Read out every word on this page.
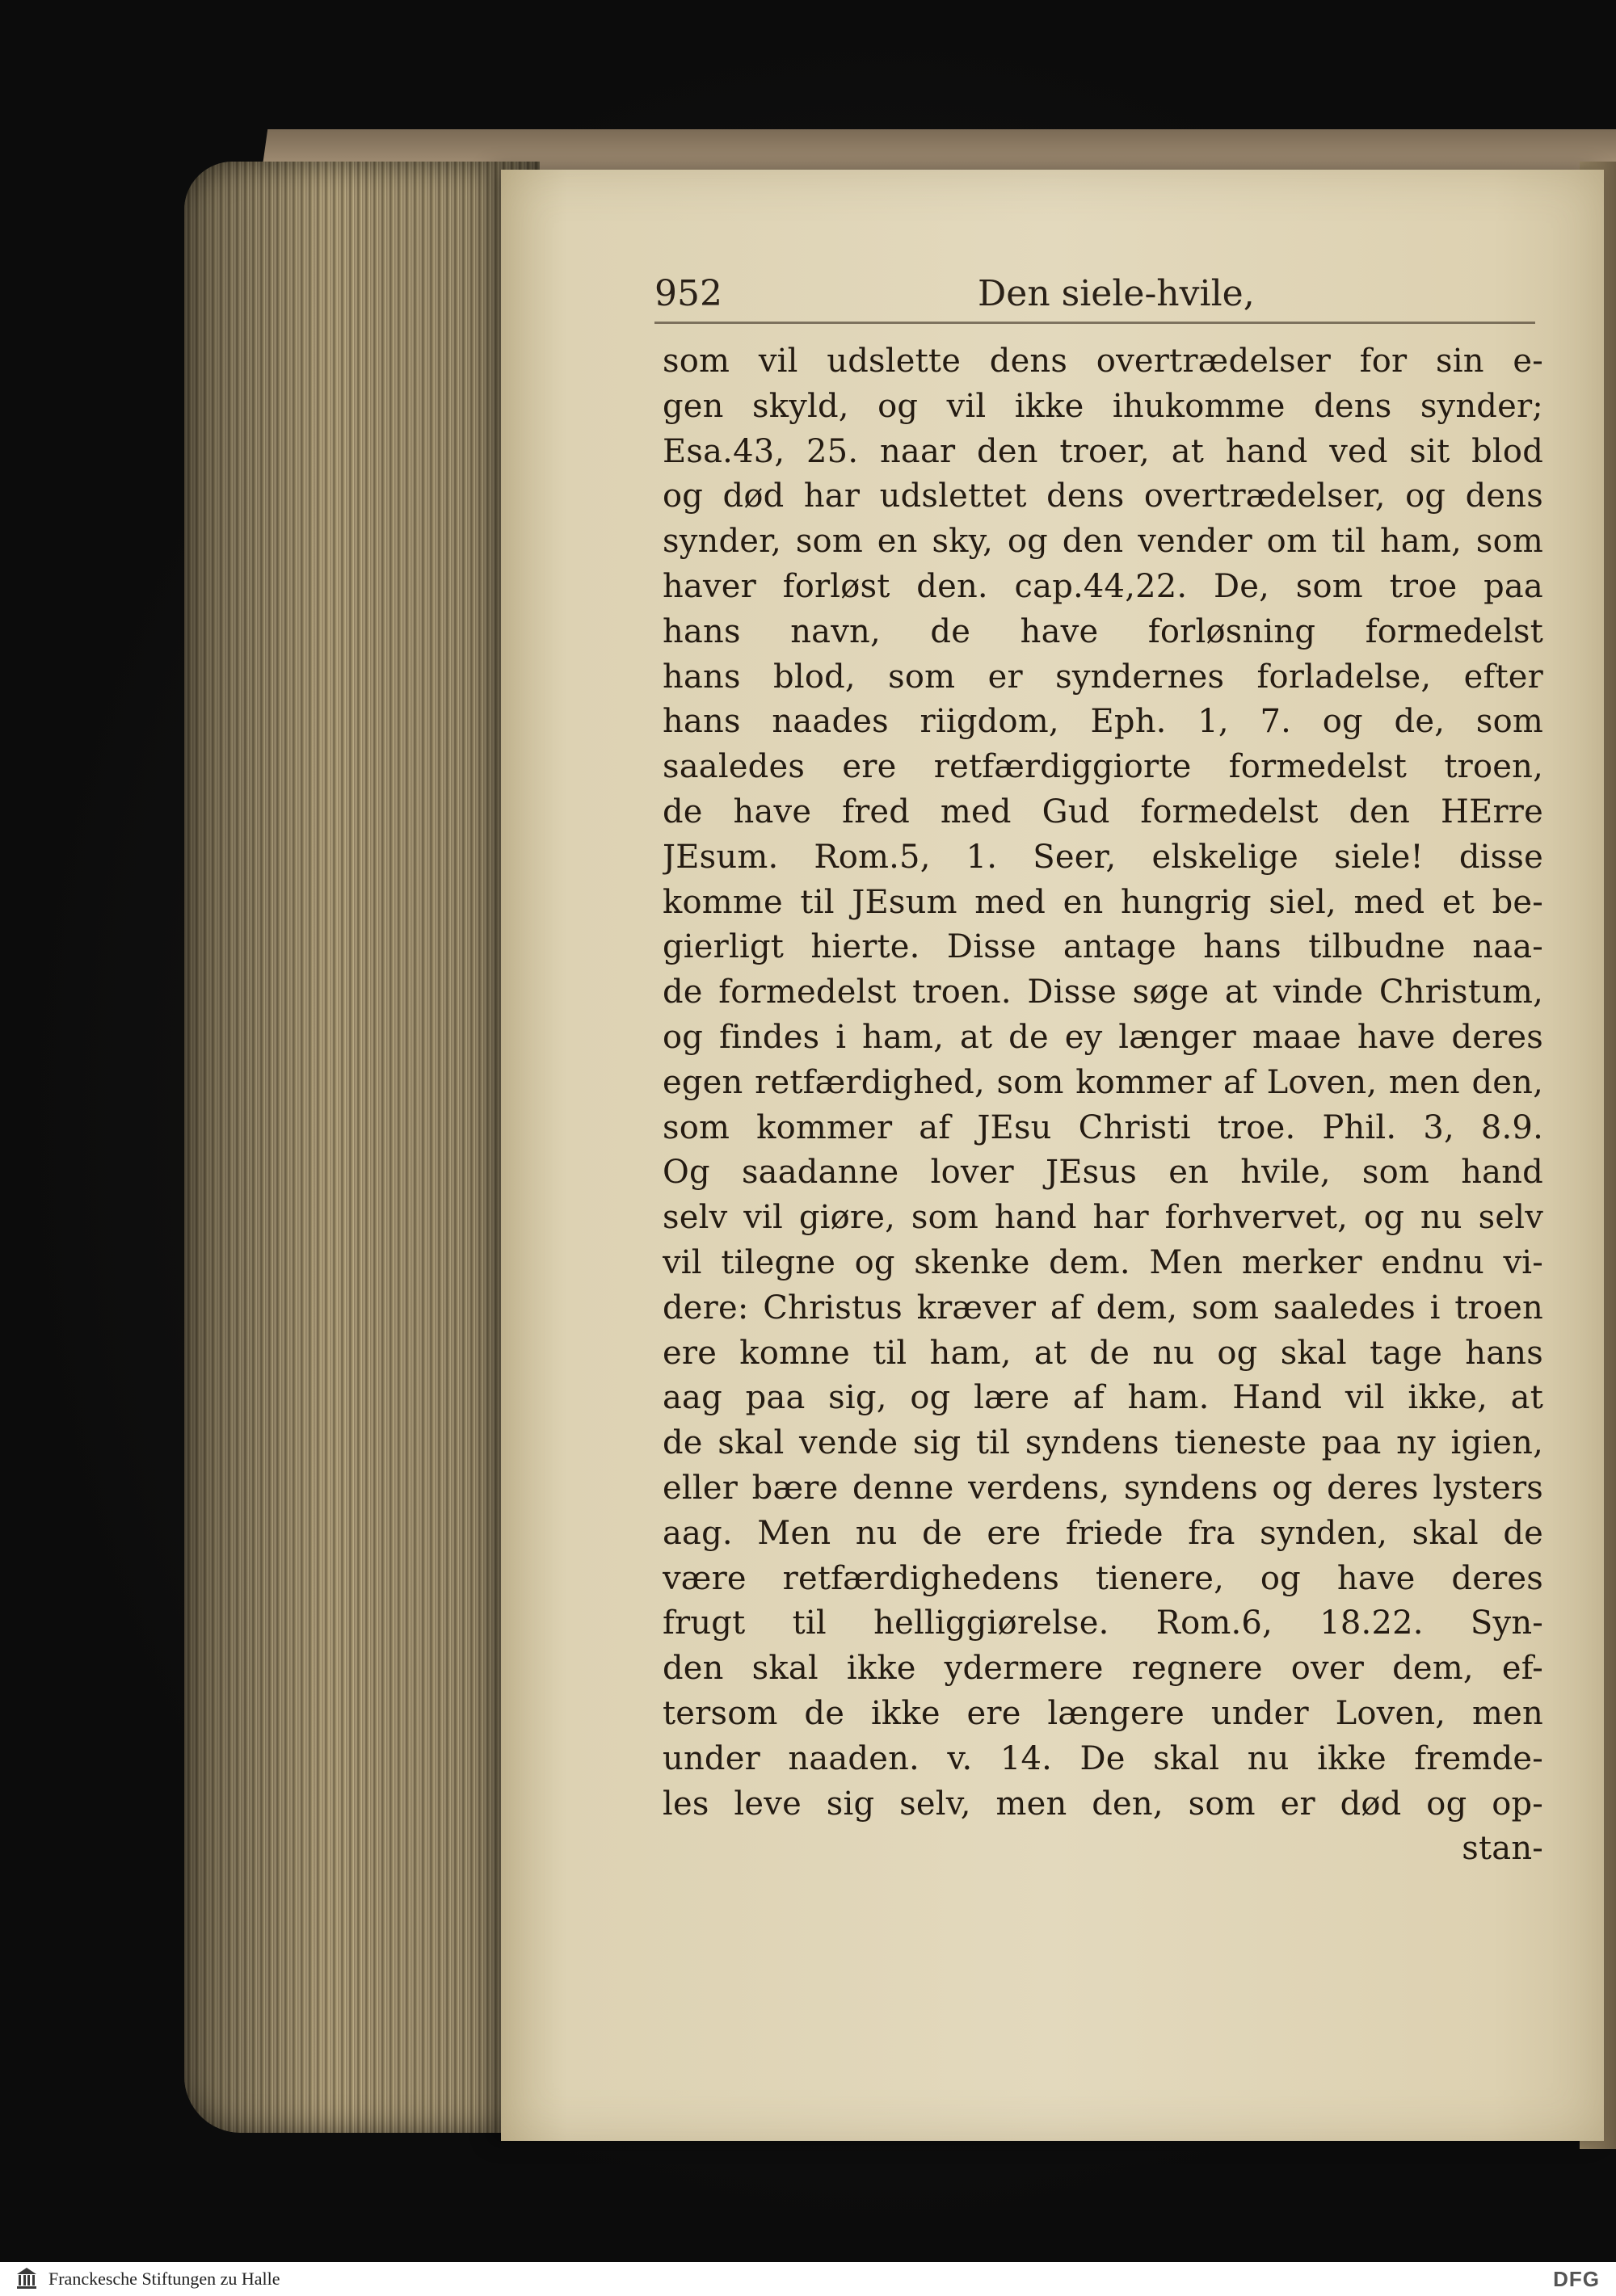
952	Den siele-hvile,
som vil udslette dens overtrædelser for sin e-
gen skyld, og vil ikke ihukomme dens synder;
Esa.43, 25. naar den troer, at hand ved sit blod
og død har udslettet dens overtrædelser, og dens
synder, som en sky, og den vender om til ham, som
haver forløst den. cap.44,22. De, som troe paa
hans navn, de have forløsning formedelst
hans blod, som er syndernes forladelse, efter
hans naades riigdom, Eph. 1, 7. og de, som
saaledes ere retfærdiggiorte formedelst troen,
de have fred med Gud formedelst den HErre
JEsum. Rom.5, 1. Seer, elskelige siele! disse
komme til JEsum med en hungrig siel, med et be-
gierligt hierte. Disse antage hans tilbudne naa-
de formedelst troen. Disse søge at vinde Christum,
og findes i ham, at de ey længer maae have deres
egen retfærdighed, som kommer af Loven, men den,
som kommer af JEsu Christi troe. Phil. 3, 8.9.
Og saadanne lover JEsus en hvile, som hand
selv vil giøre, som hand har forhvervet, og nu selv
vil tilegne og skenke dem. Men merker endnu vi-
dere: Christus kræver af dem, som saaledes i troen
ere komne til ham, at de nu og skal tage hans
aag paa sig, og lære af ham. Hand vil ikke, at
de skal vende sig til syndens tieneste paa ny igien,
eller bære denne verdens, syndens og deres lysters
aag. Men nu de ere friede fra synden, skal de
være retfærdighedens tienere, og have deres
frugt til helliggiørelse. Rom.6, 18.22. Syn-
den skal ikke ydermere regnere over dem, ef-
tersom de ikke ere længere under Loven, men
under naaden. v. 14. De skal nu ikke fremde-
les leve sig selv, men den, som er død og op-
stan-
Franckesche Stiftungen zu Halle	DFG
